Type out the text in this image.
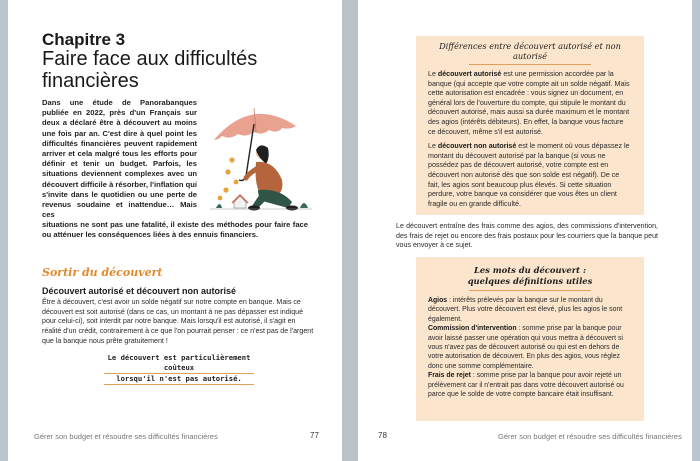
Chapitre 3
Faire face aux difficultés financières
Dans une étude de Panorabanques publiée en 2022, près d'un Français sur deux a déclaré être à découvert au moins une fois par an. C'est dire à quel point les difficultés financières peuvent rapidement arriver et cela malgré tous les efforts pour définir et tenir un budget. Parfois, les situations deviennent complexes avec un découvert difficile à résorber, l'inflation qui s'invite dans le quotidien ou une perte de revenus soudaine et inattendue… Mais ces
situations ne sont pas une fatalité, il existe des méthodes pour faire face ou atténuer les conséquences liées à des ennuis financiers.
Sortir du découvert
Découvert autorisé et découvert non autorisé
Être à découvert, c'est avoir un solde négatif sur notre compte en banque. Mais ce découvert est soit autorisé (dans ce cas, un montant à ne pas dépasser est indiqué pour celui-ci), soit interdit par notre banque. Mais lorsqu'il est autorisé, il s'agit en réalité d'un crédit, contrairement à ce que l'on pourrait penser : ce n'est pas de l'argent que la banque nous prête gratuitement !
Le découvert est particulièrement coûteux
lorsqu'il n'est pas autorisé.
Gérer son budget et résoudre ses difficultés financières	77
Différences entre découvert autorisé et non autorisé

Le découvert autorisé est une permission accordée par la banque (qui accepte que votre compte ait un solde négatif. Mais cette autorisation est encadrée : vous signez un document, en général lors de l'ouverture du compte, qui stipule le montant du découvert autorisé, mais aussi sa durée maximum et le montant des agios (intérêts débiteurs). En effet, la banque vous facture ce découvert, même s'il est autorisé.

Le découvert non autorisé est le moment où vous dépassez le montant du découvert autorisé par la banque (si vous ne possédez pas de découvert autorisé, votre compte est en découvert non autorisé dès que son solde est négatif). De ce fait, les agios sont beaucoup plus élevés. Si cette situation perdure, votre banque va considérer que vous êtes un client fragile ou en grande difficulté.

Le découvert entraîne des frais comme des agios, des commissions d'intervention, des frais de rejet ou encore des frais postaux pour les courriers que la banque peut vous envoyer à ce sujet.
Les mots du découvert :
quelques définitions utiles

Agios : intérêts prélevés par la banque sur le montant du découvert. Plus votre découvert est élevé, plus les agios le sont également.

Commission d'intervention : somme prise par la banque pour avoir laissé passer une opération qui vous mettra à découvert si vous n'avez pas de découvert autorisé ou qui est en dehors de votre autorisation de découvert. En plus des agios, vous réglez donc une somme complémentaire.

Frais de rejet : somme prise par la banque pour avoir rejeté un prélèvement car il n'entrait pas dans votre découvert autorisé ou parce que le solde de votre compte bancaire était insuffisant.

78	Gérer son budget et résoudre ses difficultés financières
